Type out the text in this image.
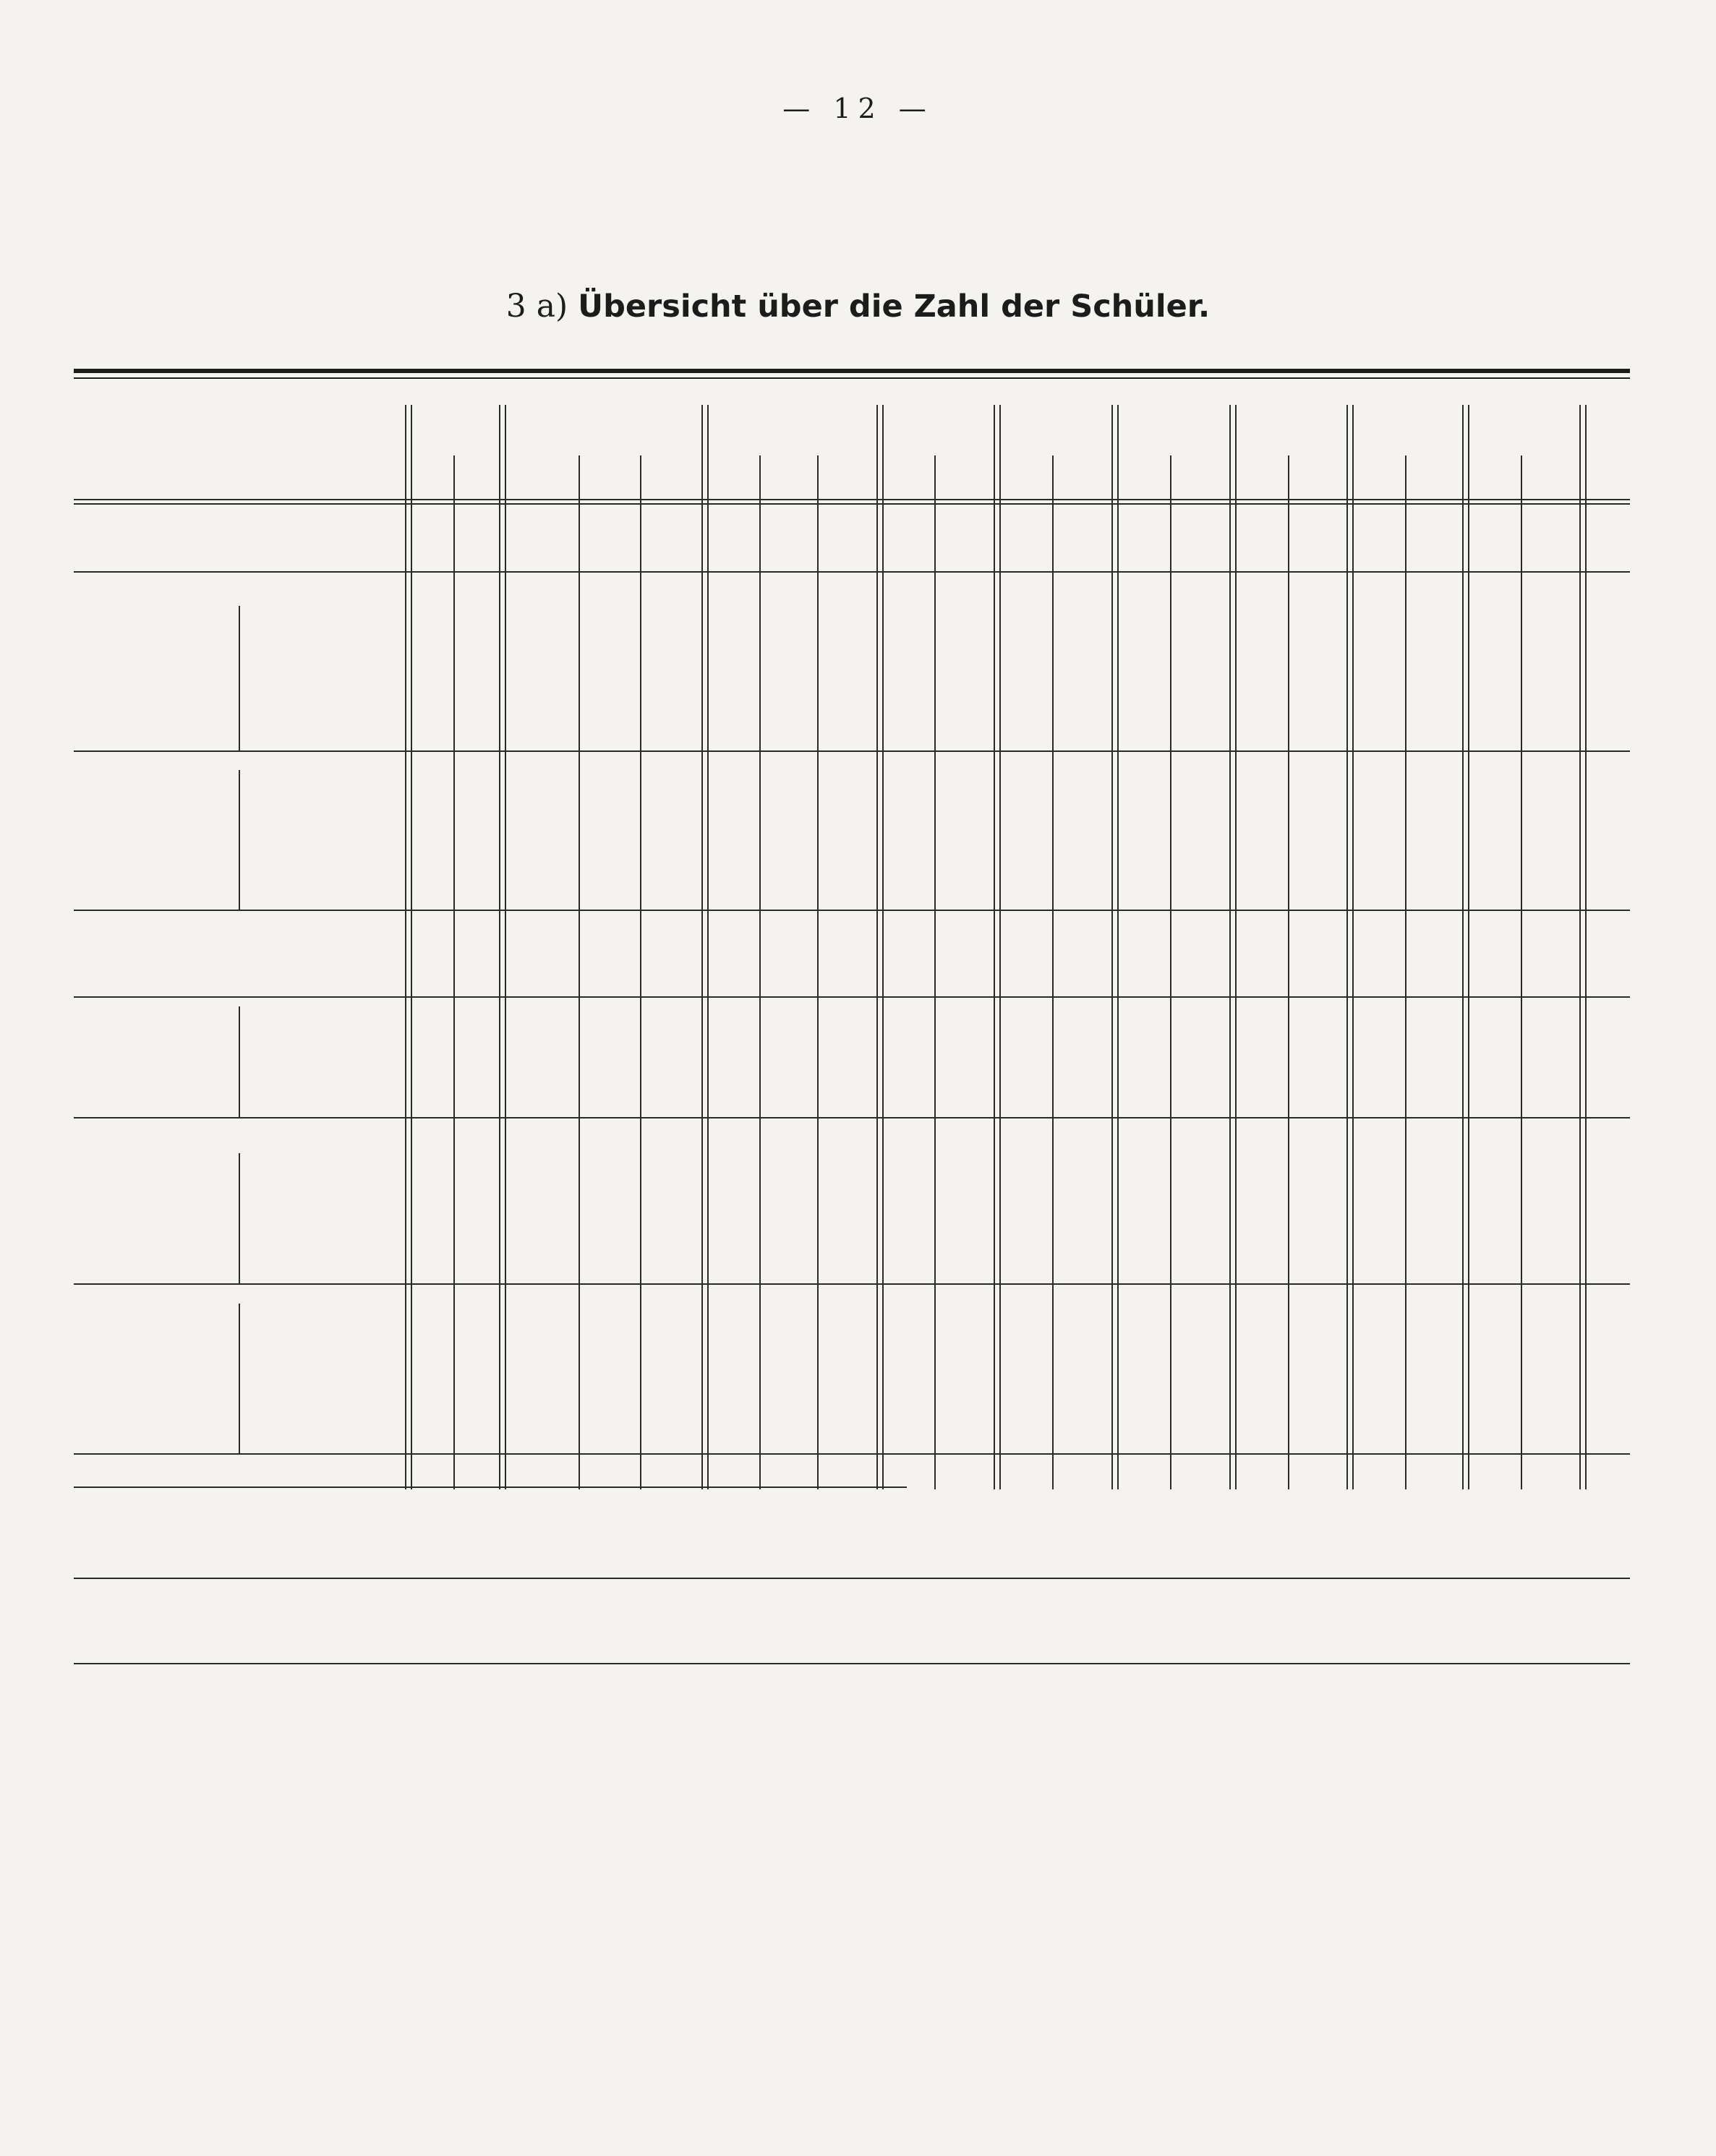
— 12 —
3 a) Übersicht über die Zahl der Schüler.
